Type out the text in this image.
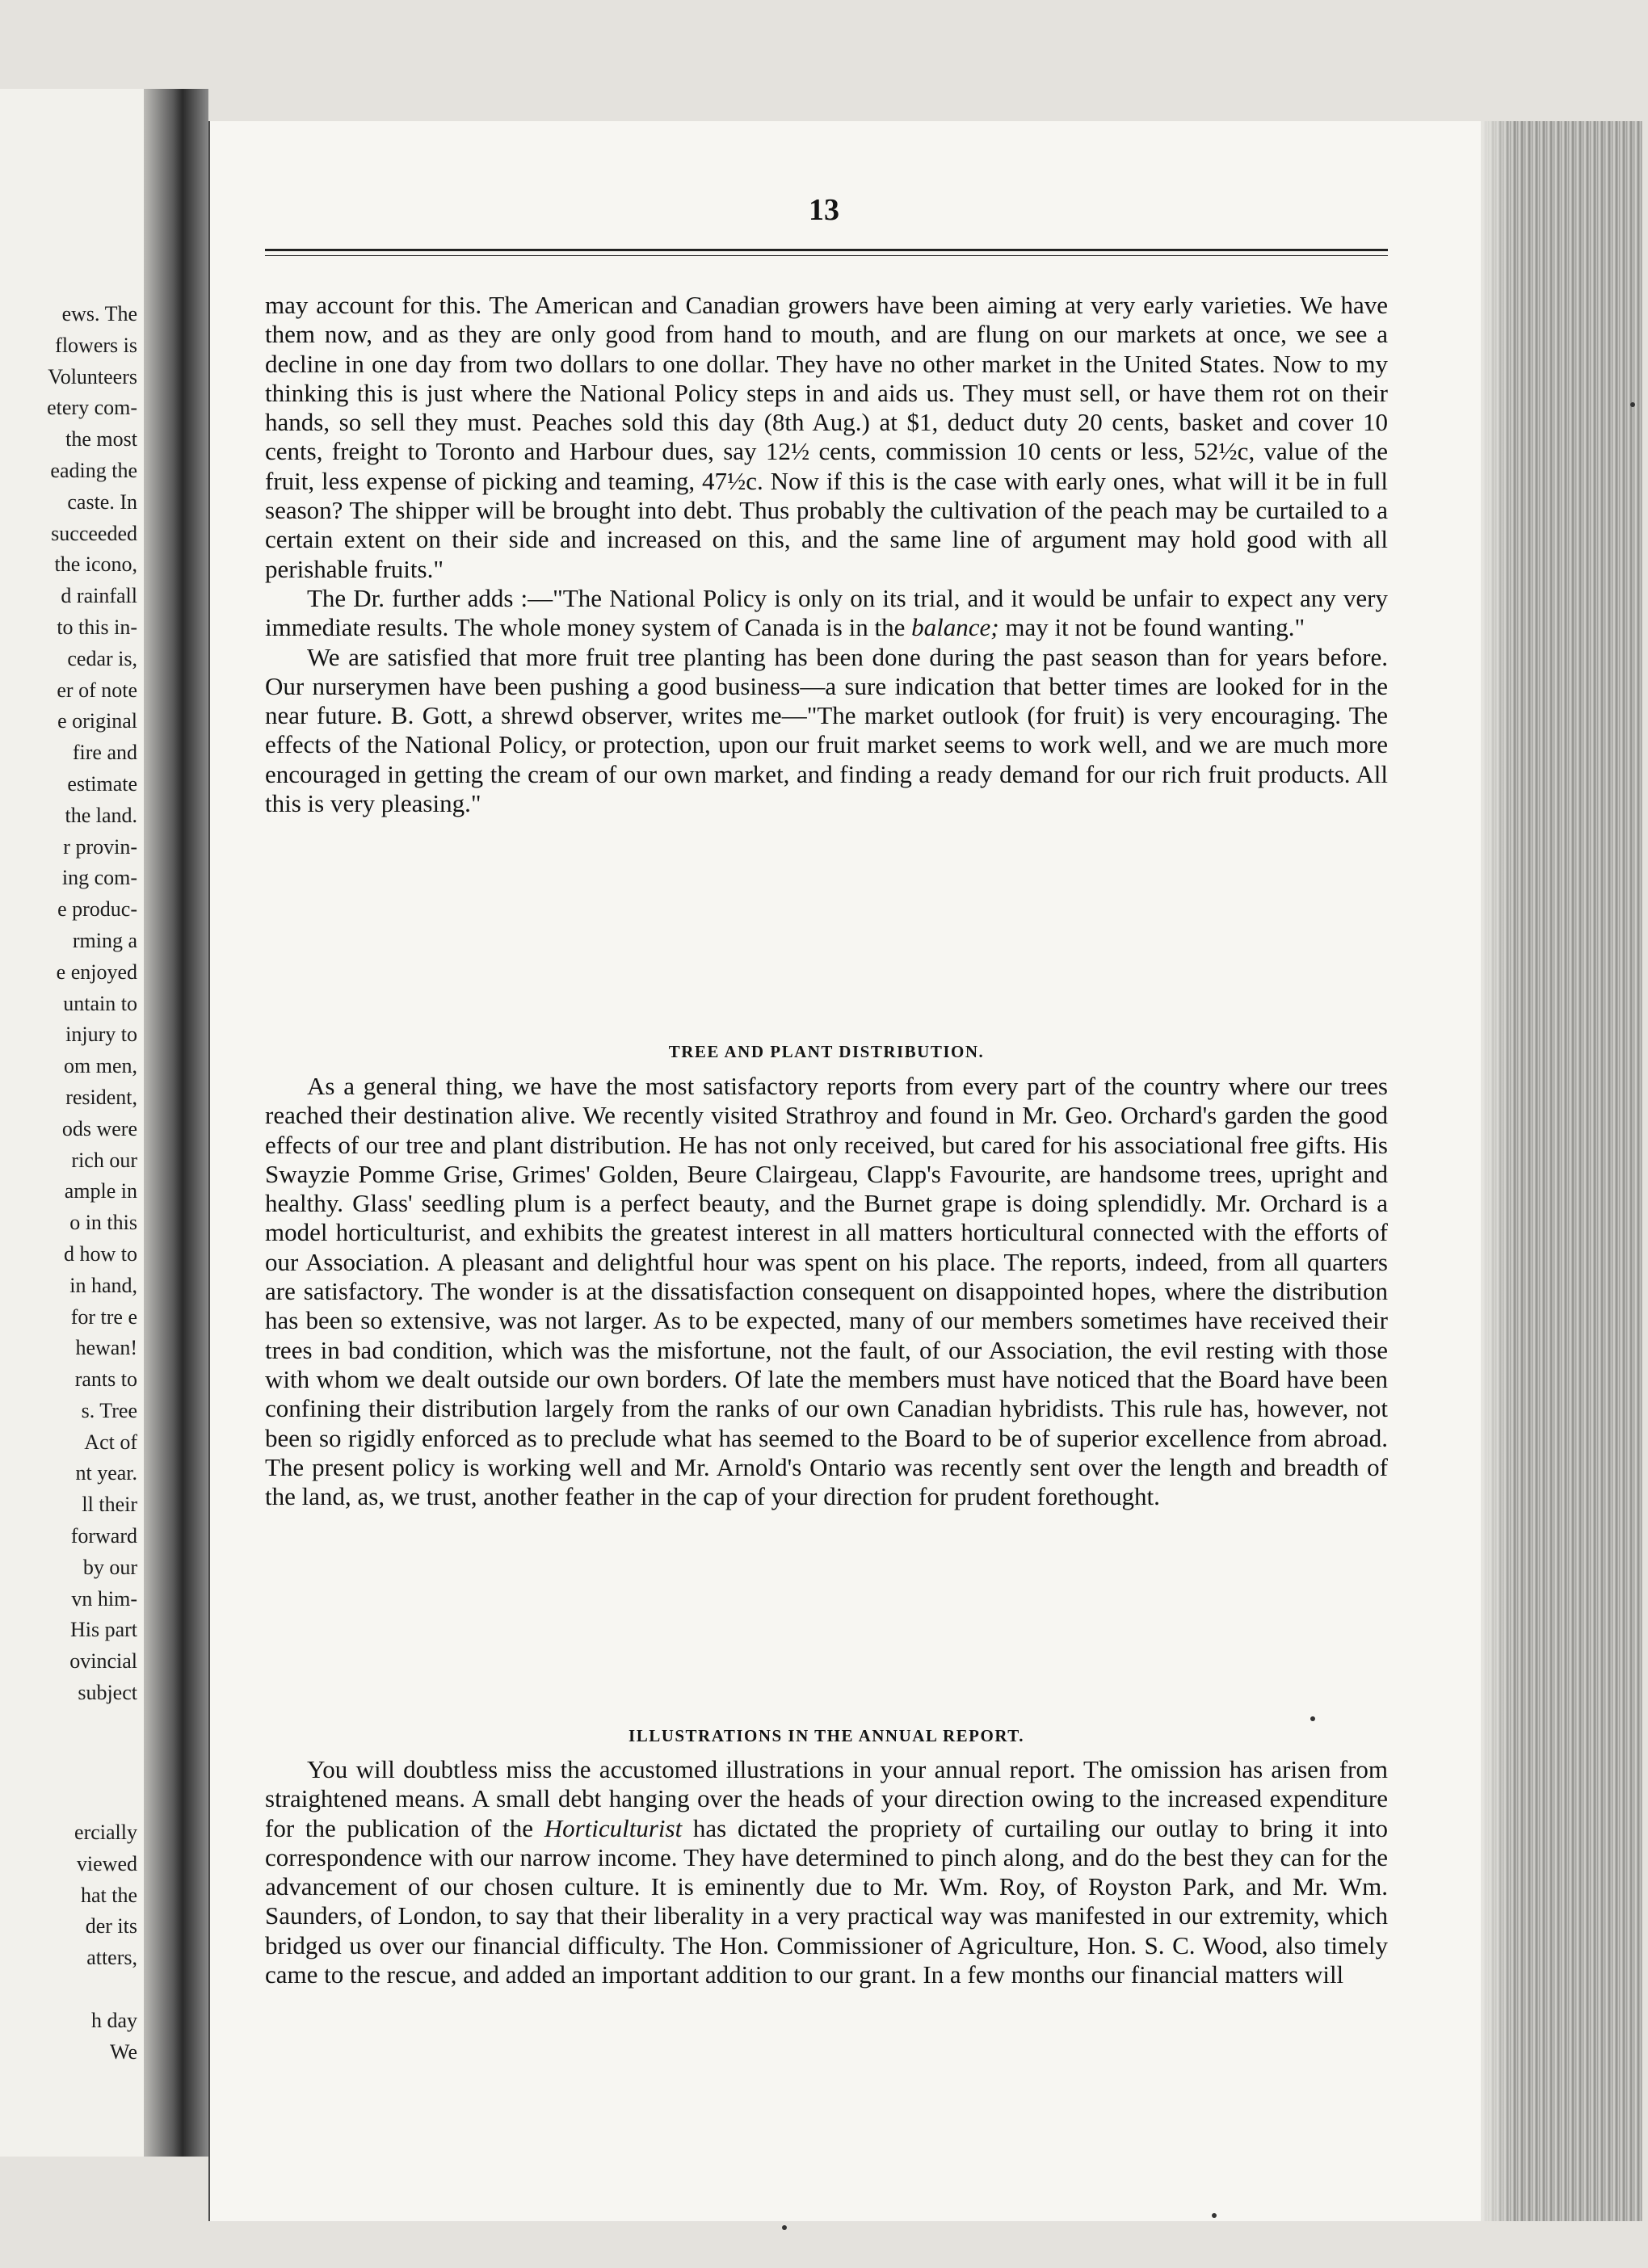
ews. The
flowers is
Volunteers
etery com-
the most
eading the
caste. In
succeeded
the icono,
d rainfall
to this in-
cedar is,
er of note
e original
fire and
estimate
the land.
r provin-
ing com-
e produc-
rming a
e enjoyed
untain to
injury to
om men,
resident,
ods were
rich our
ample in
o in this
d how to
in hand,
for tre e
hewan!
rants to
s. Tree
Act of
nt year.
ll their
forward
by our
vn him-
His part
ovincial
subject
ercially
viewed
hat the
der its
atters,

h day
We
13

may account for this. The American and Canadian growers have been aiming at very early varieties. We have them now, and as they are only good from hand to mouth, and are flung on our markets at once, we see a decline in one day from two dollars to one dollar. They have no other market in the United States. Now to my thinking this is just where the National Policy steps in and aids us. They must sell, or have them rot on their hands, so sell they must. Peaches sold this day (8th Aug.) at $1, deduct duty 20 cents, basket and cover 10 cents, freight to Toronto and Harbour dues, say 12½ cents, commission 10 cents or less, 52½c, value of the fruit, less expense of picking and teaming, 47½c. Now if this is the case with early ones, what will it be in full season? The shipper will be brought into debt. Thus probably the cultivation of the peach may be curtailed to a certain extent on their side and increased on this, and the same line of argument may hold good with all perishable fruits."

The Dr. further adds :—"The National Policy is only on its trial, and it would be unfair to expect any very immediate results. The whole money system of Canada is in the balance; may it not be found wanting."

We are satisfied that more fruit tree planting has been done during the past season than for years before. Our nurserymen have been pushing a good business—a sure indication that better times are looked for in the near future. B. Gott, a shrewd observer, writes me—"The market outlook (for fruit) is very encouraging. The effects of the National Policy, or protection, upon our fruit market seems to work well, and we are much more encouraged in getting the cream of our own market, and finding a ready demand for our rich fruit products. All this is very pleasing."

TREE AND PLANT DISTRIBUTION.

As a general thing, we have the most satisfactory reports from every part of the country where our trees reached their destination alive. We recently visited Strathroy and found in Mr. Geo. Orchard's garden the good effects of our tree and plant distribution. He has not only received, but cared for his associational free gifts. His Swayzie Pomme Grise, Grimes' Golden, Beure Clairgeau, Clapp's Favourite, are handsome trees, upright and healthy. Glass' seedling plum is a perfect beauty, and the Burnet grape is doing splendidly. Mr. Orchard is a model horticulturist, and exhibits the greatest interest in all matters horticultural connected with the efforts of our Association. A pleasant and delightful hour was spent on his place. The reports, indeed, from all quarters are satisfactory. The wonder is at the dissatisfaction consequent on disappointed hopes, where the distribution has been so extensive, was not larger. As to be expected, many of our members sometimes have received their trees in bad condition, which was the misfortune, not the fault, of our Association, the evil resting with those with whom we dealt outside our own borders. Of late the members must have noticed that the Board have been confining their distribution largely from the ranks of our own Canadian hybridists. This rule has, however, not been so rigidly enforced as to preclude what has seemed to the Board to be of superior excellence from abroad. The present policy is working well and Mr. Arnold's Ontario was recently sent over the length and breadth of the land, as, we trust, another feather in the cap of your direction for prudent forethought.

ILLUSTRATIONS IN THE ANNUAL REPORT.

You will doubtless miss the accustomed illustrations in your annual report. The omission has arisen from straightened means. A small debt hanging over the heads of your direction owing to the increased expenditure for the publication of the Horticulturist has dictated the propriety of curtailing our outlay to bring it into correspondence with our narrow income. They have determined to pinch along, and do the best they can for the advancement of our chosen culture. It is eminently due to Mr. Wm. Roy, of Royston Park, and Mr. Wm. Saunders, of London, to say that their liberality in a very practical way was manifested in our extremity, which bridged us over our financial difficulty. The Hon. Commissioner of Agriculture, Hon. S. C. Wood, also timely came to the rescue, and added an important addition to our grant. In a few months our financial matters will
